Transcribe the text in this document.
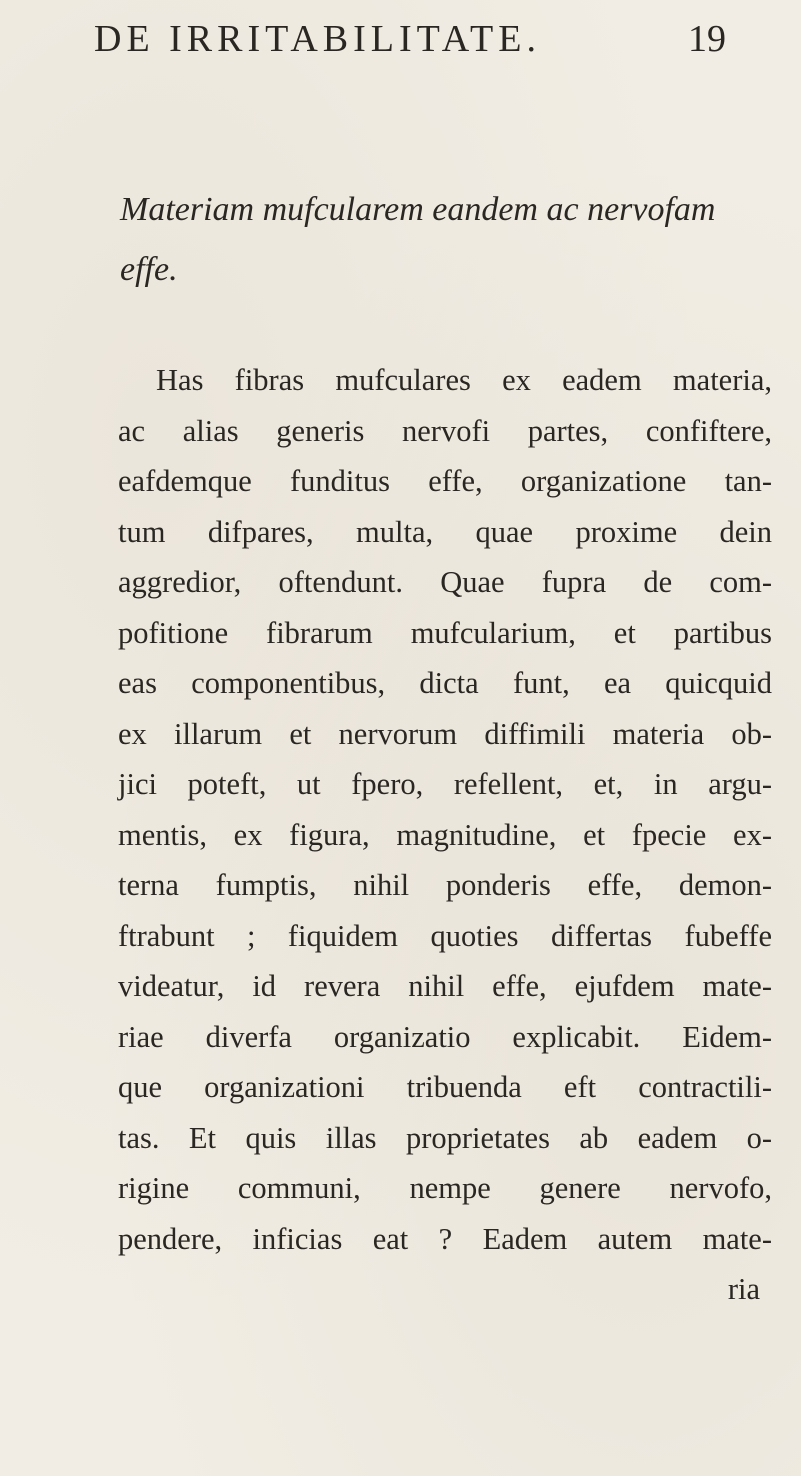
DE IRRITABILITATE.	19
Materiam mufcularem eandem ac nervofam effe.
Has fibras mufculares ex eadem materia,
ac alias generis nervofi partes, confiftere,
eafdemque funditus effe, organizatione tan-
tum difpares, multa, quae proxime dein
aggredior, oftendunt. Quae fupra de com-
pofitione fibrarum mufcularium, et partibus
eas componentibus, dicta funt, ea quicquid
ex illarum et nervorum diffimili materia ob-
jici poteft, ut fpero, refellent, et, in argu-
mentis, ex figura, magnitudine, et fpecie ex-
terna fumptis, nihil ponderis effe, demon-
ftrabunt ; fiquidem quoties differtas fubeffe
videatur, id revera nihil effe, ejufdem mate-
riae diverfa organizatio explicabit. Eidem-
que organizationi tribuenda eft contractili-
tas. Et quis illas proprietates ab eadem o-
rigine communi, nempe genere nervofo,
pendere, inficias eat ? Eadem autem mate-
ria
